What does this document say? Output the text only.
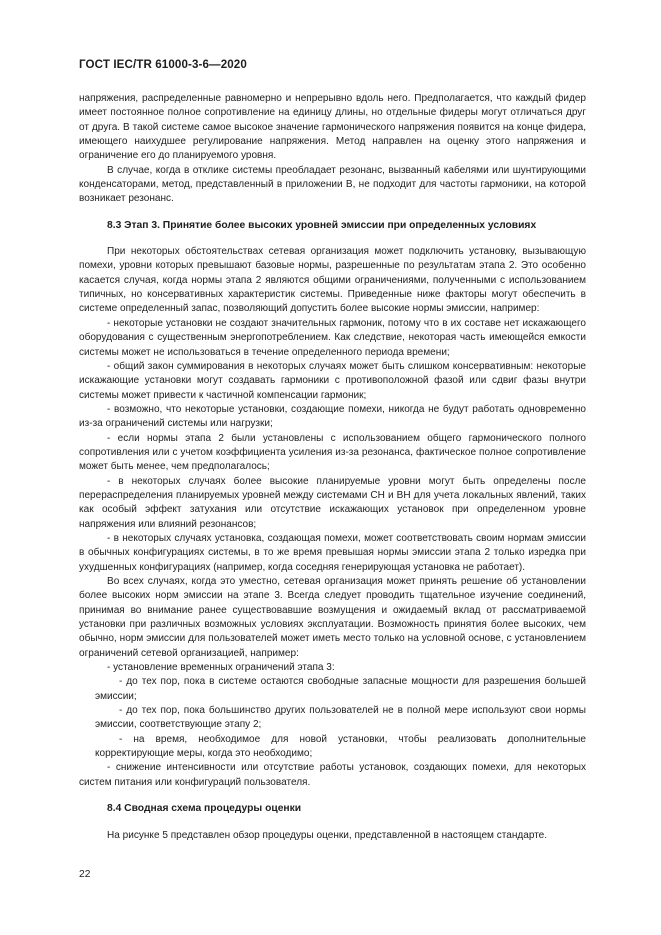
ГОСТ IEC/TR 61000-3-6—2020

напряжения, распределенные равномерно и непрерывно вдоль него. Предполагается, что каждый фидер имеет постоянное полное сопротивление на единицу длины, но отдельные фидеры могут отличаться друг от друга. В такой системе самое высокое значение гармонического напряжения появится на конце фидера, имеющего наихудшее регулирование напряжения. Метод направлен на оценку этого напряжения и ограничение его до планируемого уровня.

В случае, когда в отклике системы преобладает резонанс, вызванный кабелями или шунтирующими конденсаторами, метод, представленный в приложении В, не подходит для частоты гармоники, на которой возникает резонанс.

8.3 Этап 3. Принятие более высоких уровней эмиссии при определенных условиях

При некоторых обстоятельствах сетевая организация может подключить установку, вызывающую помехи, уровни которых превышают базовые нормы, разрешенные по результатам этапа 2. Это особенно касается случая, когда нормы этапа 2 являются общими ограничениями, полученными с использованием типичных, но консервативных характеристик системы. Приведенные ниже факторы могут обеспечить в системе определенный запас, позволяющий допустить более высокие нормы эмиссии, например:

- некоторые установки не создают значительных гармоник, потому что в их составе нет искажающего оборудования с существенным энергопотреблением. Как следствие, некоторая часть имеющейся емкости системы может не использоваться в течение определенного периода времени;

- общий закон суммирования в некоторых случаях может быть слишком консервативным: некоторые искажающие установки могут создавать гармоники с противоположной фазой или сдвиг фазы внутри системы может привести к частичной компенсации гармоник;

- возможно, что некоторые установки, создающие помехи, никогда не будут работать одновременно из-за ограничений системы или нагрузки;

- если нормы этапа 2 были установлены с использованием общего гармонического полного сопротивления или с учетом коэффициента усиления из-за резонанса, фактическое полное сопротивление может быть менее, чем предполагалось;

- в некоторых случаях более высокие планируемые уровни могут быть определены после перераспределения планируемых уровней между системами СН и ВН для учета локальных явлений, таких как особый эффект затухания или отсутствие искажающих установок при определенном уровне напряжения или влияний резонансов;

- в некоторых случаях установка, создающая помехи, может соответствовать своим нормам эмиссии в обычных конфигурациях системы, в то же время превышая нормы эмиссии этапа 2 только изредка при ухудшенных конфигурациях (например, когда соседняя генерирующая установка не работает).

Во всех случаях, когда это уместно, сетевая организация может принять решение об установлении более высоких норм эмиссии на этапе 3. Всегда следует проводить тщательное изучение соединений, принимая во внимание ранее существовавшие возмущения и ожидаемый вклад от рассматриваемой установки при различных возможных условиях эксплуатации. Возможность принятия более высоких, чем обычно, норм эмиссии для пользователей может иметь место только на условной основе, с установлением ограничений сетевой организацией, например:

- установление временных ограничений этапа 3:

- до тех пор, пока в системе остаются свободные запасные мощности для разрешения большей эмиссии;

- до тех пор, пока большинство других пользователей не в полной мере используют свои нормы эмиссии, соответствующие этапу 2;

- на время, необходимое для новой установки, чтобы реализовать дополнительные корректирующие меры, когда это необходимо;

- снижение интенсивности или отсутствие работы установок, создающих помехи, для некоторых систем питания или конфигураций пользователя.

8.4 Сводная схема процедуры оценки

На рисунке 5 представлен обзор процедуры оценки, представленной в настоящем стандарте.

22
